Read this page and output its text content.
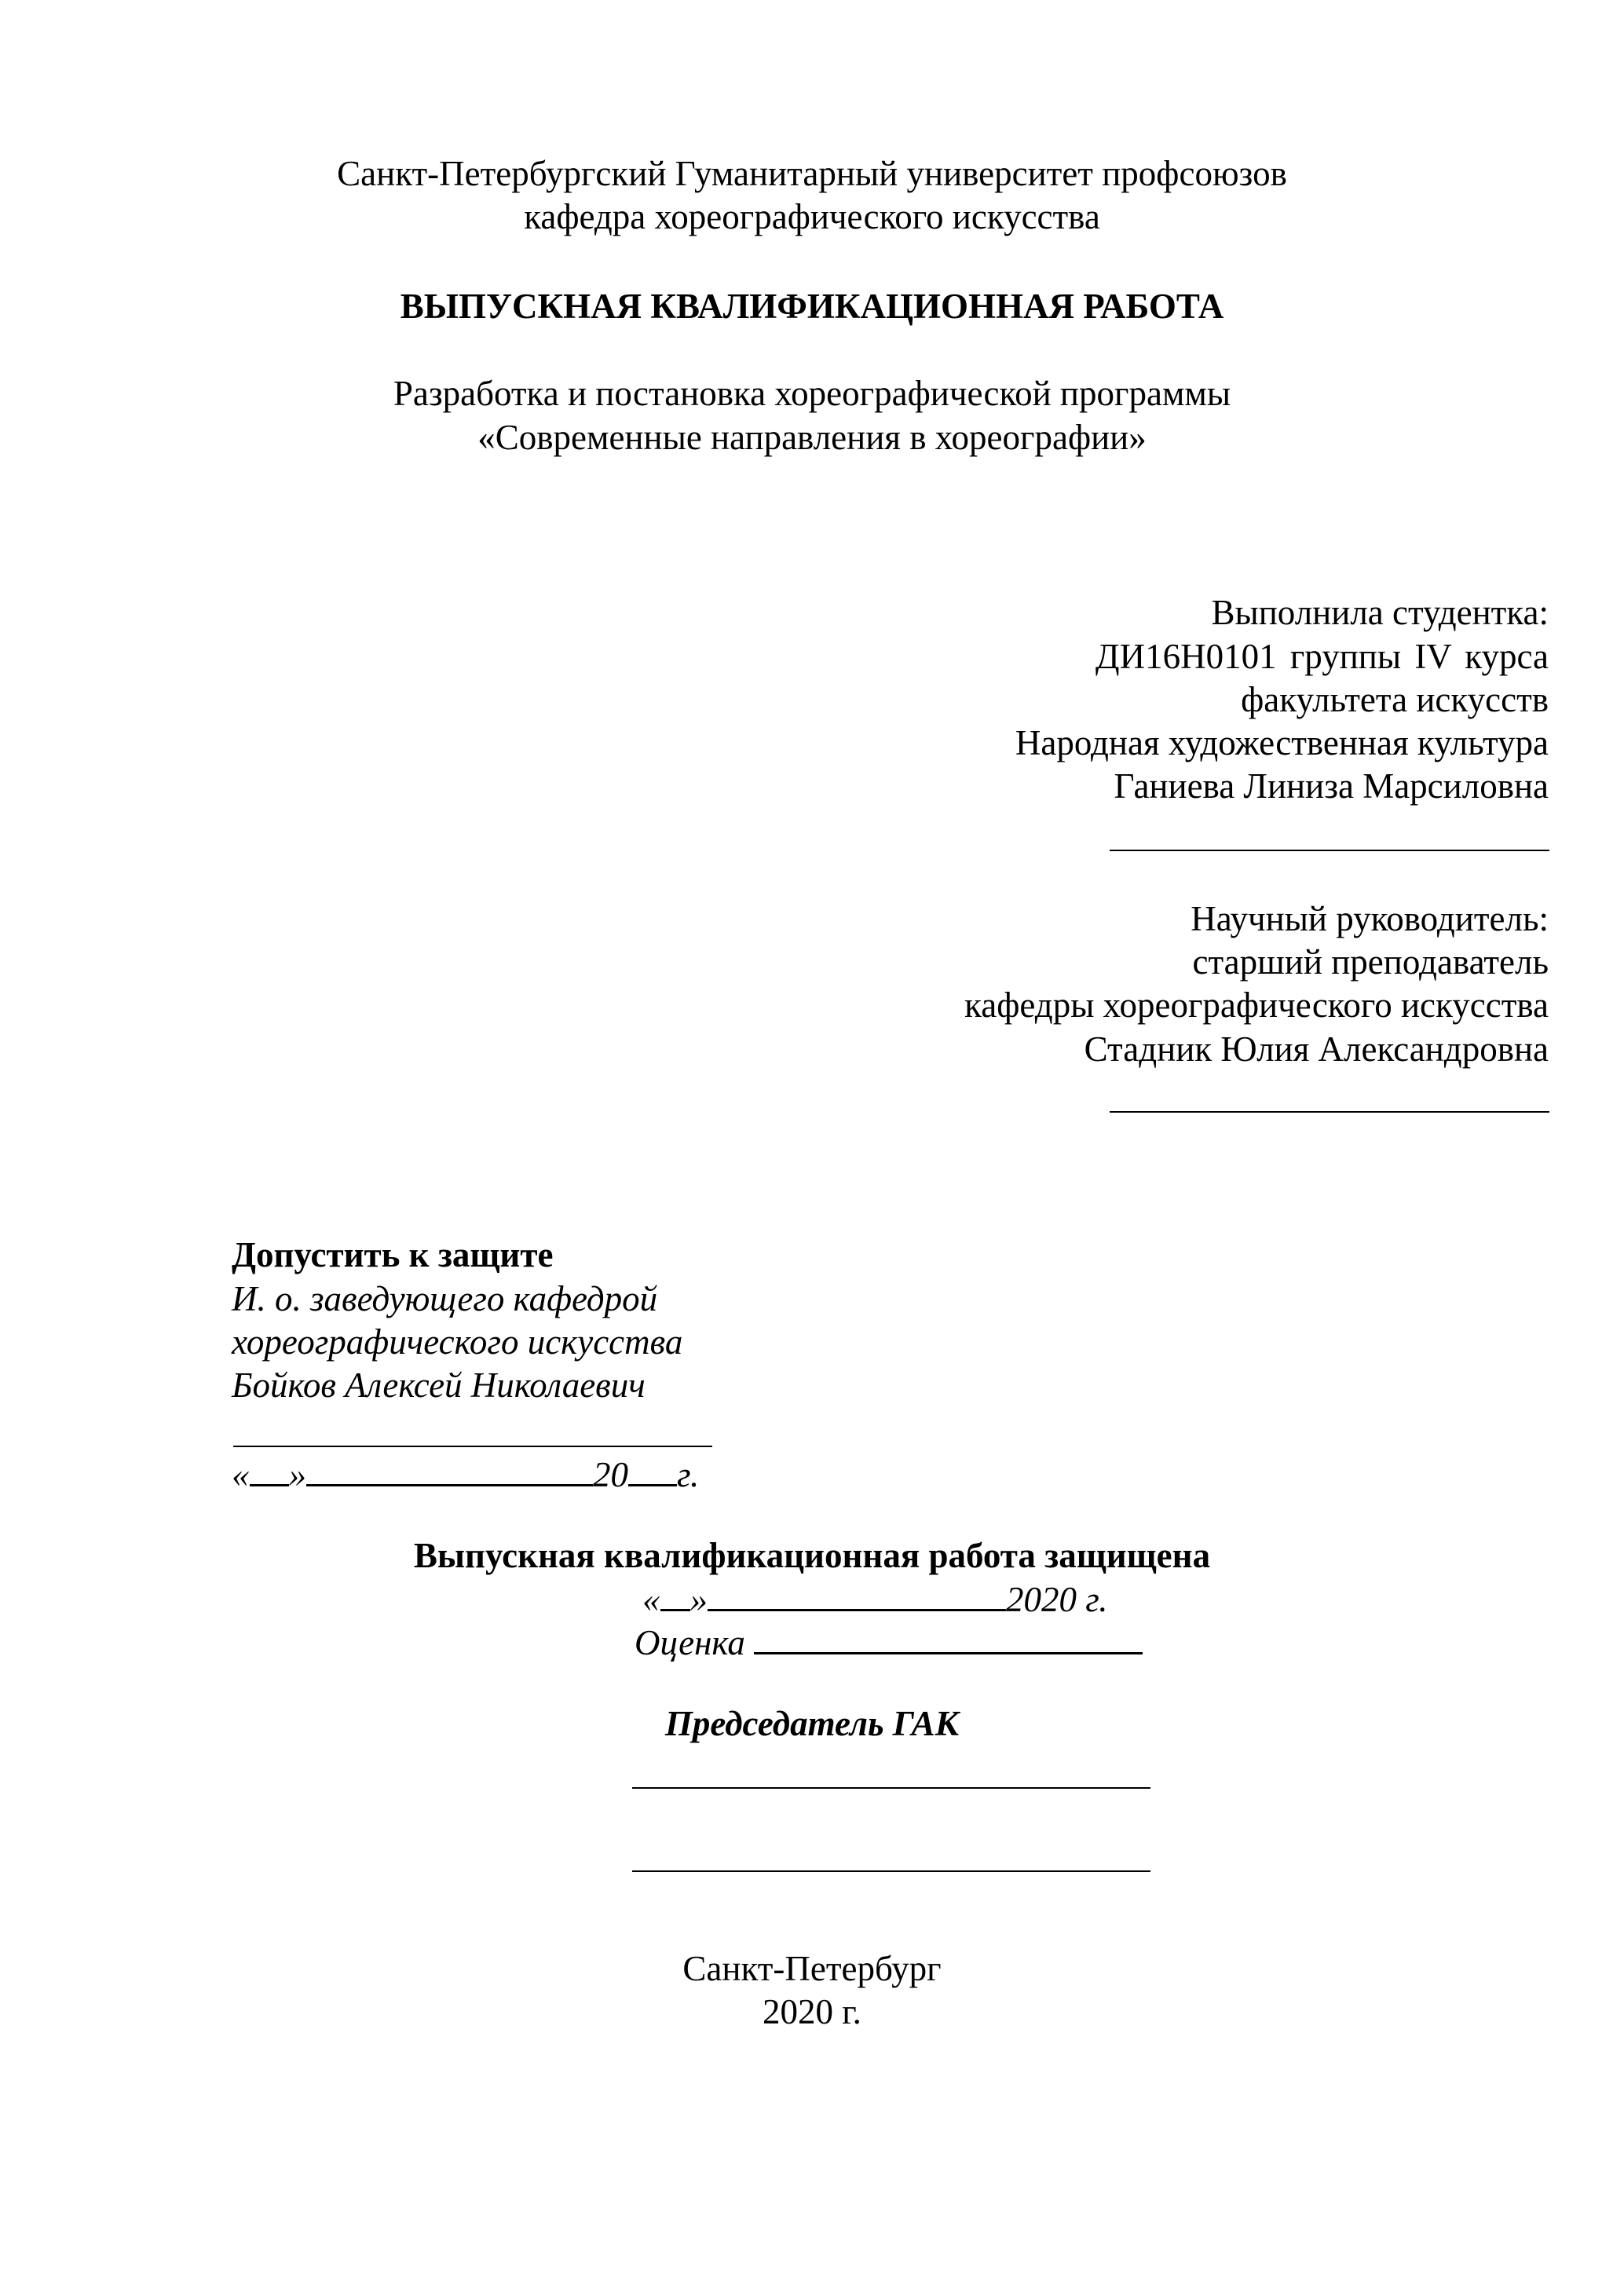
Санкт-Петербургский Гуманитарный университет профсоюзов
кафедра хореографического искусства
ВЫПУСКНАЯ КВАЛИФИКАЦИОННАЯ РАБОТА
Разработка и постановка хореографической программы
«Современные направления в хореографии»
Выполнила студентка:
ДИ16Н0101 группы IV курса
факультета искусств
Народная художественная культура
Ганиева Линиза Марсиловна
Научный руководитель:
старший преподаватель
кафедры хореографического искусства
Стадник Юлия Александровна
Допустить к защите
И. о. заведующего кафедрой
хореографического искусства
Бойков Алексей Николаевич
« »	20 г.
Выпускная квалификационная работа защищена
« »	2020 г.
Оценка
Председатель ГАК
Санкт-Петербург
2020 г.
